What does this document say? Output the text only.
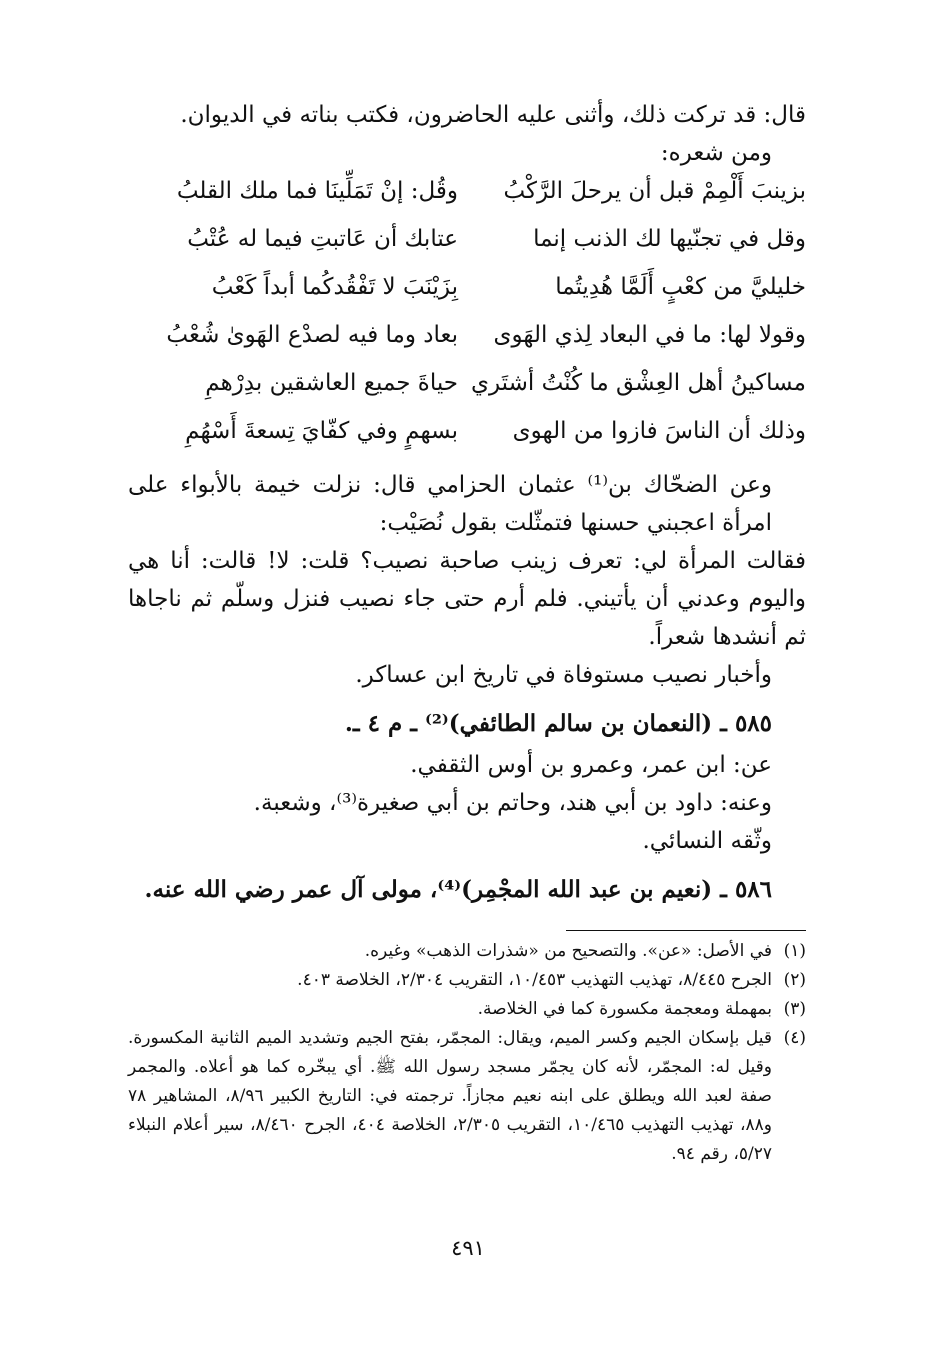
قال: قد تركت ذلك، وأثنى عليه الحاضرون، فكتب بناته في الديوان.

ومن شعره:

بزينبَ أَلْمِمْ قبل أن يرحلَ الرَّكْبُ
وقُل: إنْ تَمَلِّينَا فما ملك القلبُ
وقل في تجنّيها لك الذنب إنما
عتابك أن عَاتبتِ فيما له عُتْبُ
خليليَّ من كعْبٍ أَلَمَّا هُدِيتُما
بِزَيْنَبَ لا تَفْقُدكُما أبداً كَعْبُ
وقولا لها: ما في البعاد لِذي الهَوى
بعاد وما فيه لصدْع الهَوىٰ شُعْبُ
مساكينُ أهل العِشْق ما كُنْتُ أشتَري
حياةَ جميع العاشقين بدِرْهمِ
وذلك أن الناسَ فازوا من الهوى
بسهمٍ وفي كفّايَ تِسعةَ أَسْهُمِ

وعن الضحّاك بن⁽¹⁾ عثمان الحزامي قال: نزلت خيمة بالأبواء على امرأة اعجبني حسنها فتمثّلت بقول نُصَيْب:

فقالت المرأة لي: تعرف زينب صاحبة نصيب؟ قلت: لا! قالت: أنا هي واليوم وعدني أن يأتيني. فلم أرم حتى جاء نصيب فنزل وسلّم ثم ناجاها ثم أنشدها شعراً.

وأخبار نصيب مستوفاة في تاريخ ابن عساكر.

٥٨٥ ـ (النعمان بن سالم الطائفي)⁽²⁾ ـ م ٤ ـ.

عن: ابن عمر، وعمرو بن أوس الثقفي.

وعنه: داود بن أبي هند، وحاتم بن أبي صغيرة⁽³⁾، وشعبة.

وثّقه النسائي.

٥٨٦ ـ (نعيم بن عبد الله المجْمِر)⁽⁴⁾، مولى آل عمر رضي الله عنه.

(١)
في الأصل: «عن». والتصحيح من «شذرات الذهب» وغيره.
(٢)
الجرح ٨/٤٤٥، تهذيب التهذيب ١٠/٤٥٣، التقريب ٢/٣٠٤، الخلاصة ٤٠٣.
(٣)
بمهملة ومعجمة مكسورة كما في الخلاصة.
(٤)
قيل بإسكان الجيم وكسر الميم، ويقال: المجمّر، بفتح الجيم وتشديد الميم الثانية المكسورة. وقيل له: المجمّر، لأنه كان يجمّر مسجد رسول الله ﷺ. أي يبخّره كما هو أعلاه. والمجمر صفة لعبد الله ويطلق على ابنه نعيم مجازاً. ترجمته في: التاريخ الكبير ٨/٩٦، المشاهير ٧٨ و٨٨، تهذيب التهذيب ١٠/٤٦٥، التقريب ٢/٣٠٥، الخلاصة ٤٠٤، الجرح ٨/٤٦٠، سير أعلام النبلاء ٥/٢٧، رقم ٩٤.
٤٩١
